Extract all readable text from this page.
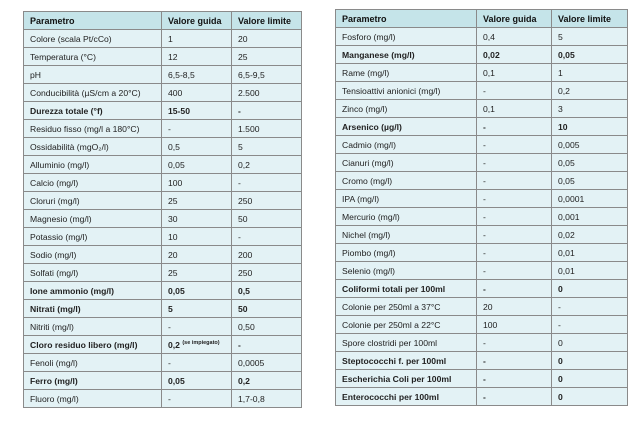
Parametro	Valore guida	Valore limite
Colore (scala Pt/cCo)	1	20
Temperatura (°C)	12	25
pH	6,5-8,5	6,5-9,5
Conducibilità (µS/cm a 20°C)	400	2.500
Durezza totale (°f)	15-50	-
Residuo fisso (mg/l a 180°C)	-	1.500
Ossidabilità (mgO₂/l)	0,5	5
Alluminio (mg/l)	0,05	0,2
Calcio (mg/l)	100	-
Cloruri (mg/l)	25	250
Magnesio (mg/l)	30	50
Potassio (mg/l)	10	-
Sodio (mg/l)	20	200
Solfati (mg/l)	25	250
Ione ammonio (mg/l)	0,05	0,5
Nitrati (mg/l)	5	50
Nitriti (mg/l)	-	0,50
Cloro residuo libero (mg/l)	0,2 $^{(se impiegato)}$	-
Fenoli (mg/l)	-	0,0005
Ferro (mg/l)	0,05	0,2
Fluoro (mg/l)	-	1,7-0,8
Parametro	Valore guida	Valore limite
Fosforo (mg/l)	0,4	5
Manganese (mg/l)	0,02	0,05
Rame (mg/l)	0,1	1
Tensioattivi anionici (mg/l)	-	0,2
Zinco (mg/l)	0,1	3
Arsenico (µg/l)	-	10
Cadmio (mg/l)	-	0,005
Cianuri (mg/l)	-	0,05
Cromo (mg/l)	-	0,05
IPA (mg/l)	-	0,0001
Mercurio (mg/l)	-	0,001
Nichel (mg/l)	-	0,02
Piombo (mg/l)	-	0,01
Selenio (mg/l)	-	0,01
Coliformi totali per 100ml	-	0
Colonie per 250ml a 37°C	20	-
Colonie per 250ml a 22°C	100	-
Spore clostridi per 100ml	-	0
Steptococchi f. per 100ml	-	0
Escherichia Coli per 100ml	-	0
Enterococchi per 100ml	-	0
